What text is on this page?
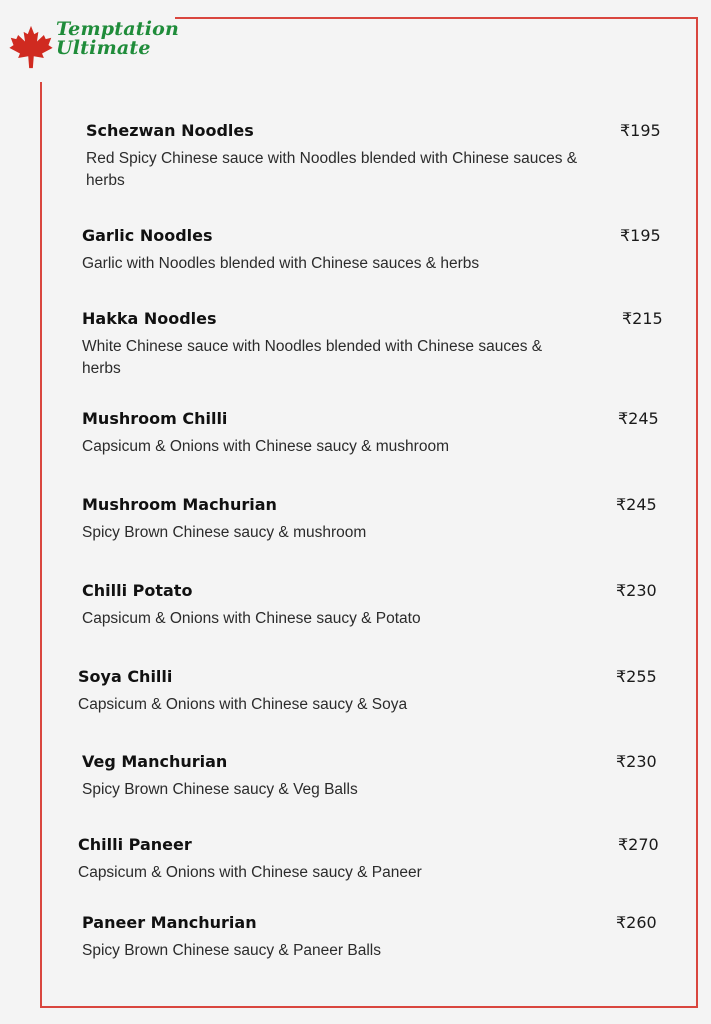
Temptation
Ultimate
Schezwan Noodles
Red Spicy Chinese sauce with Noodles blended with Chinese sauces & herbs
₹195
Garlic Noodles
Garlic with Noodles blended with Chinese sauces & herbs
₹195
Hakka Noodles
White Chinese sauce with Noodles blended with Chinese sauces & herbs
₹215
Mushroom Chilli
Capsicum & Onions with Chinese saucy & mushroom
₹245
Mushroom Machurian
Spicy Brown Chinese saucy & mushroom
₹245
Chilli Potato
Capsicum & Onions with Chinese saucy & Potato
₹230
Soya Chilli
Capsicum & Onions with Chinese saucy & Soya
₹255
Veg Manchurian
Spicy Brown Chinese saucy & Veg Balls
₹230
Chilli Paneer
Capsicum & Onions with Chinese saucy & Paneer
₹270
Paneer Manchurian
Spicy Brown Chinese saucy & Paneer Balls
₹260
